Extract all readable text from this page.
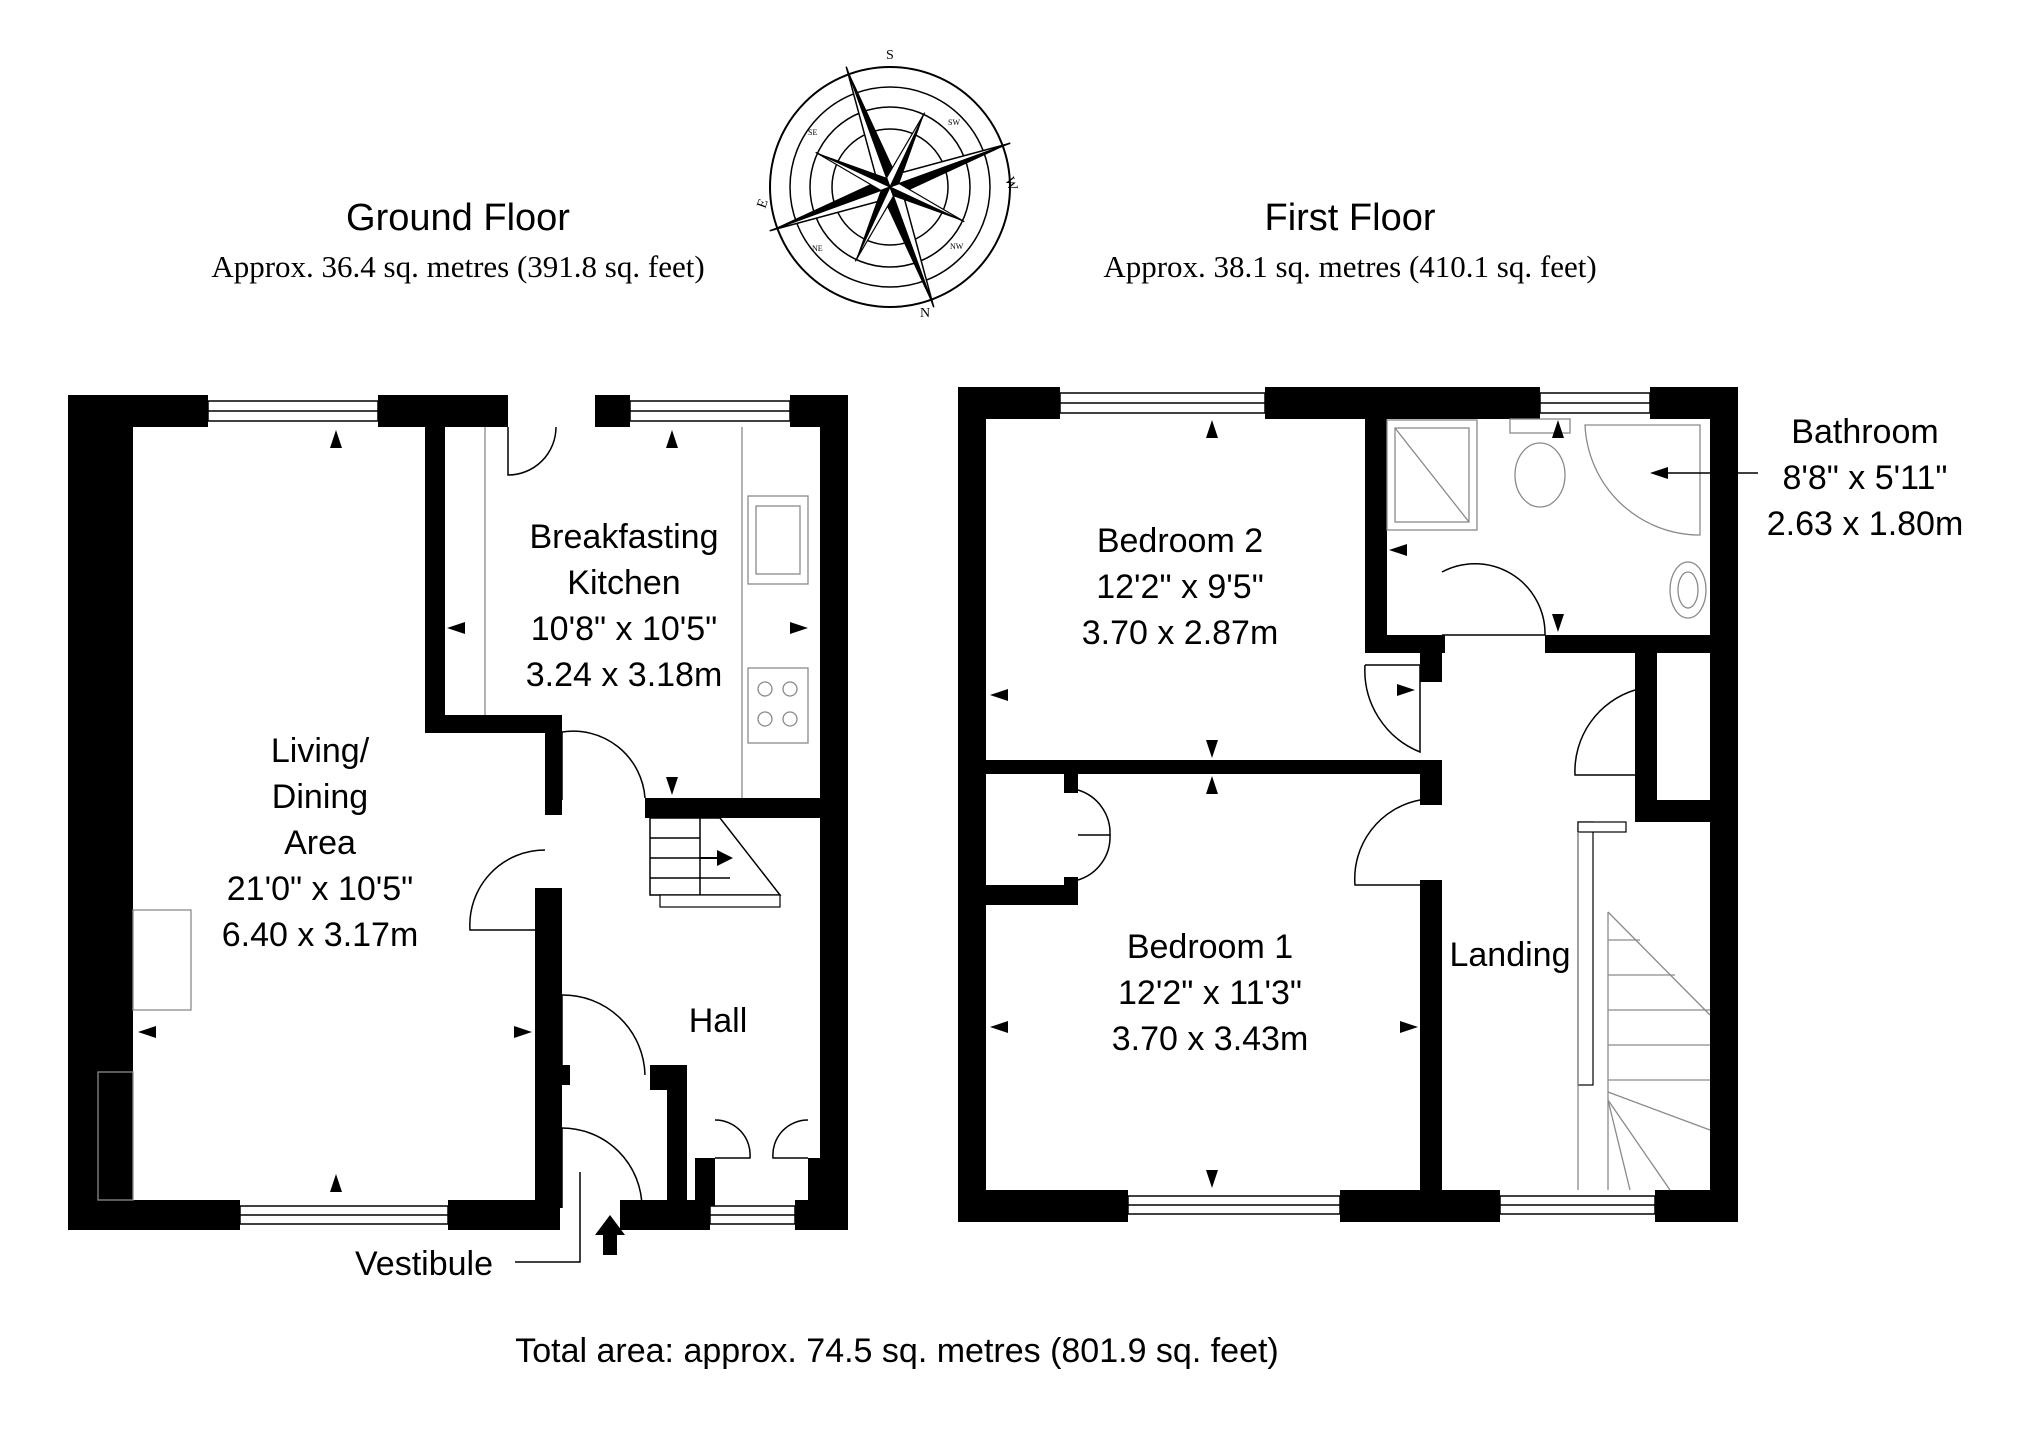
S
W
N
E
SW
NW
NE
SE
Ground Floor
Approx. 36.4 sq. metres (391.8 sq. feet)
First Floor
Approx. 38.1 sq. metres (410.1 sq. feet)
Living/
Dining
Area
21'0" x 10'5"
6.40 x 3.17m
Breakfasting
Kitchen
10'8" x 10'5"
3.24 x 3.18m
Hall
Vestibule
Bedroom 2
12'2" x 9'5"
3.70 x 2.87m
Bedroom 1
12'2" x 11'3"
3.70 x 3.43m
Landing
Bathroom
8'8" x 5'11"
2.63 x 1.80m
Total area: approx. 74.5 sq. metres (801.9 sq. feet)
